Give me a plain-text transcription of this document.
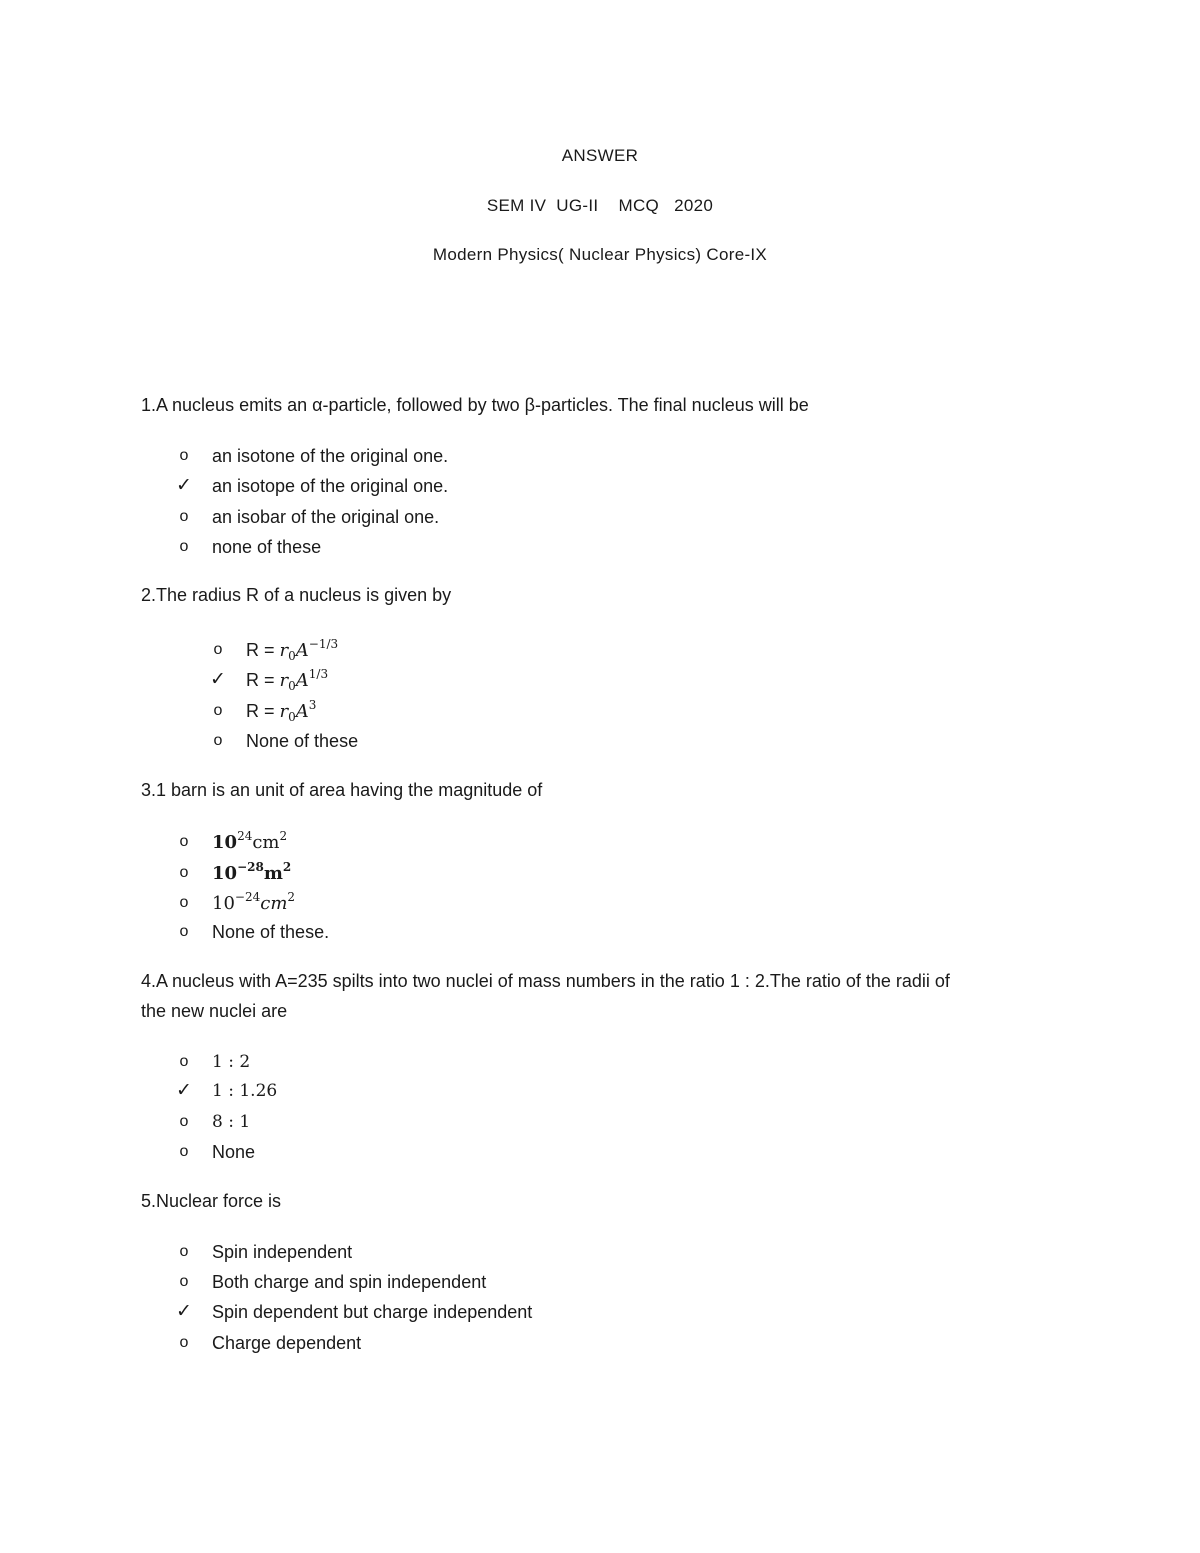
ANSWER
SEM IV  UG-II    MCQ   2020
Modern Physics( Nuclear Physics) Core-IX
1.A nucleus emits an α-particle, followed by two β-particles. The final nucleus will be
o	an isotone of the original one.
✓ an isotope of the original one.
o	an isobar of the original one.
o	none of these
2.The radius R of a nucleus is given by
o	$R = r_0A^{-1/3}$
✓ $R = r_0A^{1/3}$
o	$R = r_0A^3$
o	None of these
3.1 barn is an unit of area having the magnitude of
o	$10^{24}cm^2$
o	$10^{-28}m^2$
o	$10^{-24}cm^2$
o	None of these.
4.A nucleus with A=235 spilts into two nuclei of mass numbers in the ratio 1 : 2.The ratio of the radii of
the new nuclei are
o	1 : 2
✓ 1 : 1.26
o	8 : 1
o	None
5.Nuclear force is
o	Spin independent
o	Both charge and spin independent
✓ Spin dependent but charge independent
o	Charge dependent
